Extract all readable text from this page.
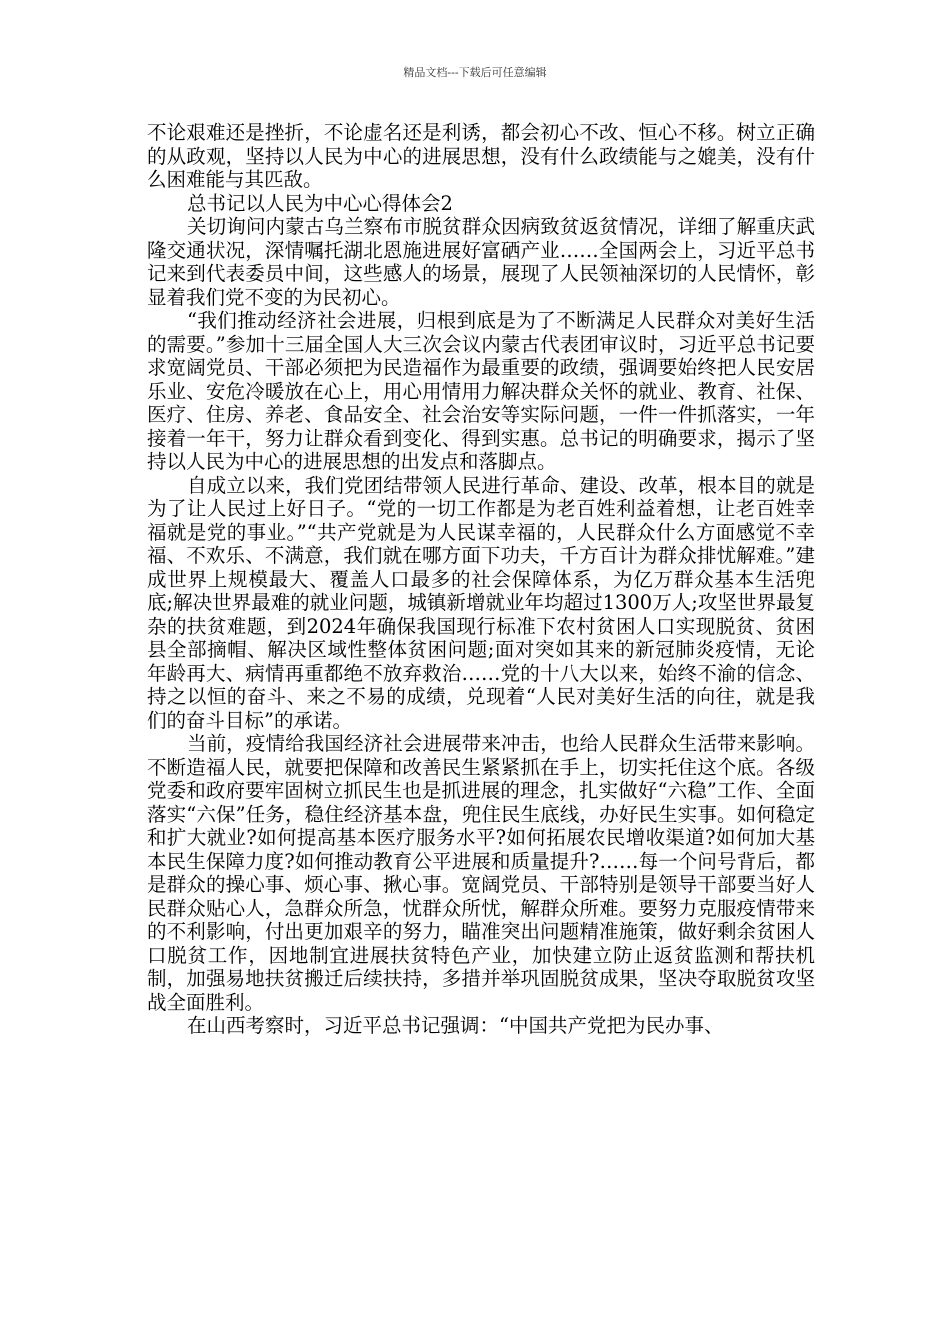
精品文档---下载后可任意编辑

不论艰难还是挫折，不论虚名还是利诱，都会初心不改、恒心不移。树立正确的从政观，坚持以人民为中心的进展思想，没有什么政绩能与之媲美，没有什么困难能与其匹敌。

总书记以人民为中心心得体会2

关切询问内蒙古乌兰察布市脱贫群众因病致贫返贫情况，详细了解重庆武隆交通状况，深情嘱托湖北恩施进展好富硒产业……全国两会上，习近平总书记来到代表委员中间，这些感人的场景，展现了人民领袖深切的人民情怀，彰显着我们党不变的为民初心。

“我们推动经济社会进展，归根到底是为了不断满足人民群众对美好生活的需要。”参加十三届全国人大三次会议内蒙古代表团审议时，习近平总书记要求宽阔党员、干部必须把为民造福作为最重要的政绩，强调要始终把人民安居乐业、安危冷暖放在心上，用心用情用力解决群众关怀的就业、教育、社保、医疗、住房、养老、食品安全、社会治安等实际问题，一件一件抓落实，一年接着一年干，努力让群众看到变化、得到实惠。总书记的明确要求，揭示了坚持以人民为中心的进展思想的出发点和落脚点。

自成立以来，我们党团结带领人民进行革命、建设、改革，根本目的就是为了让人民过上好日子。“党的一切工作都是为老百姓利益着想，让老百姓幸福就是党的事业。”“共产党就是为人民谋幸福的，人民群众什么方面感觉不幸福、不欢乐、不满意，我们就在哪方面下功夫，千方百计为群众排忧解难。”建成世界上规模最大、覆盖人口最多的社会保障体系，为亿万群众基本生活兜底;解决世界最难的就业问题，城镇新增就业年均超过1300万人;攻坚世界最复杂的扶贫难题，到2024年确保我国现行标准下农村贫困人口实现脱贫、贫困县全部摘帽、解决区域性整体贫困问题;面对突如其来的新冠肺炎疫情，无论年龄再大、病情再重都绝不放弃救治……党的十八大以来，始终不渝的信念、持之以恒的奋斗、来之不易的成绩，兑现着“人民对美好生活的向往，就是我们的奋斗目标”的承诺。

当前，疫情给我国经济社会进展带来冲击，也给人民群众生活带来影响。不断造福人民，就要把保障和改善民生紧紧抓在手上，切实托住这个底。各级党委和政府要牢固树立抓民生也是抓进展的理念，扎实做好“六稳”工作、全面落实“六保”任务，稳住经济基本盘，兜住民生底线，办好民生实事。如何稳定和扩大就业?如何提高基本医疗服务水平?如何拓展农民增收渠道?如何加大基本民生保障力度?如何推动教育公平进展和质量提升?……每一个问号背后，都是群众的操心事、烦心事、揪心事。宽阔党员、干部特别是领导干部要当好人民群众贴心人，急群众所急，忧群众所忧，解群众所难。要努力克服疫情带来的不利影响，付出更加艰辛的努力，瞄准突出问题精准施策，做好剩余贫困人口脱贫工作，因地制宜进展扶贫特色产业，加快建立防止返贫监测和帮扶机制，加强易地扶贫搬迁后续扶持，多措并举巩固脱贫成果，坚决夺取脱贫攻坚战全面胜利。

在山西考察时，习近平总书记强调：“中国共产党把为民办事、
